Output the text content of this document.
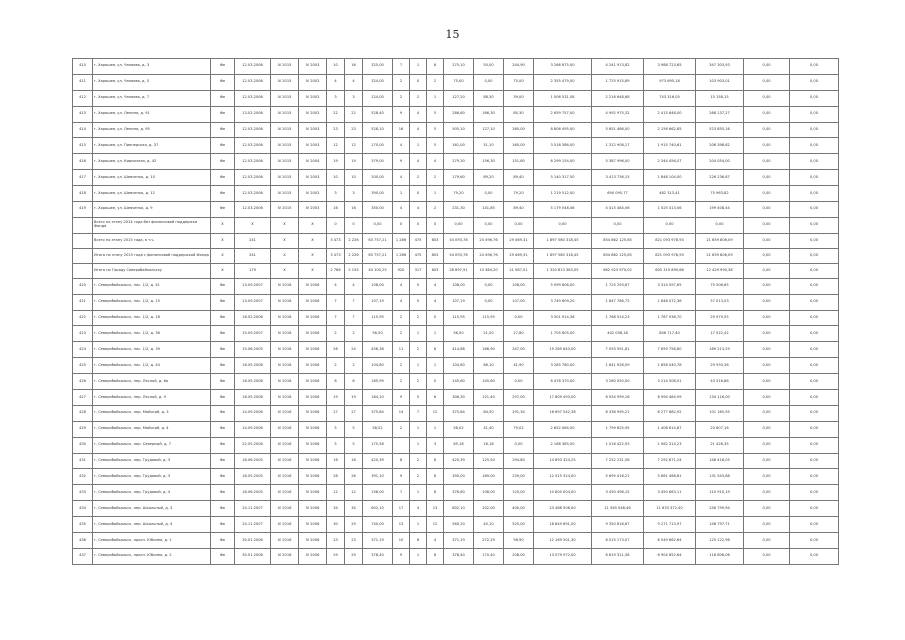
15
410	г. Хорошее, ул. Чапаева, д. 3	Фе	12.03.2006	IV 2015	IV 2003	10	16	325,00	7	1	6	275,10	50,00	244,90	3 266 875,00	4 241 913,82	3 988 723,65	347 303,93	0,00	0,00
411	г. Хорошее, ул. Чапаева, д. 5	Фе	12.03.2006	IV 2015	IV 2002	4	4	324,00	2	0	2	75,00	0,00	75,00	2 355 479,00	1 725 915,89	973 695,18	103 903,01	0,00	0,00
412	г. Хорошее, ул. Чапаева, д. 7	Фе	12.03.2006	IV 2015	IV 2002	3	3	124,00	2	2	1	127,20	88,30	39,00	1 006 531,08	2 216 648,68	743 316,05	15 158,15	0,00	0,00
413	г. Хорошее, ул. Ленина, д. 91	Фе	13.02.2006	IV 2015	IV 2002	22	22	528,40	9	4	5	286,60	166,30	80,30	2 659 757,00	4 992 975,32	2 415 648,00	268 137,27	0,00	0,00
414	г. Хорошее, ул. Ленина, д. 95	Фе	12.03.2006	IV 2015	IV 2003	23	23	528,10	16	4	5	505,10	127,10	260,00	8 806 495,00	5 651 486,00	2 156 662,85	523 855,16	0,00	0,00
415	г. Хорошее, ул. Пионерская, д. 37	Фе	12.03.2006	IV 2015	IV 2003	12	12	170,00	4	1	5	161,00	51,10	160,00	3 516 386,00	1 312 908,17	1 915 740,61	206 398,62	0,00	0,00
416	г. Хорошее, ул. Кирпичная, д. 42	Фе	12.03.2006	IV 2015	IV 2004	19	19	379,00	9	4	4	279,30	156,30	151,60	6 299 154,00	5 387 996,00	2 344 456,07	204 054,00	0,00	0,00
417	г. Хорошее, ул. Шевченко, д. 10	Фе	12.03.2006	IV 2015	IV 2003	10	10	200,00	4	2	2	179,60	89,20	89,40	5 140 317,50	3 413 736,15	1 848 104,00	226 236,67	0,00	0,00
418	г. Хорошее, ул. Шевченко, д. 12	Фе	12.03.2006	IV 2015	IV 2002	3	3	390,00	1	0	1	79,20	0,00	79,20	1 219 512,00	690 095,77	482 313,41	75 963,82	0,00	0,00
419	г. Хорошее, ул. Шевченко, д. 9	Фе	12.03.2006	IV 2015	IV 2003	16	16	350,00	4	4	2	231,30	141,85	89,40	5 179 548,46	4 415 484,06	1 525 413,06	199 408,44	0,00	0,00
	Всего по этапу 2014 года без финансовой поддержки Фонда	Х	Х	Х	Х	0	0	0,00	0	0	0	0,00	0,00	0,00	0,00	0,00	0,00	0,00	0,00	0,00
	Всего по этапу 2015 года, в т.ч.	Х	241	Х	Х	3 473	2 226	63 757,21	1 286	475	803	54 093,78	24 496,76	29 469,31	1 897 560 318,45	854 862 125,65	821 093 978,93	21 659 806,09	0,00	0,00
	Итого по этапу 2015 года с финансовой поддержкой Фонда	Х	241	Х	Х	3 473	2 226	63 757,21	1 286	475	803	54 093,78	24 496,76	29 469,31	1 897 560 318,45	854 862 125,65	821 093 978,93	21 659 806,09	0,00	0,00
	Итого по Городу Северобайкальску	Х	179	Х	Х	2 766	2 155	40 100,25	920	317	603	28 697,91	10 384,20	21 987,01	1 320 813 363,05	662 923 970,02	605 319 890,66	12 429 990,38	0,00	0,00
420	г. Северобайкальск, пос. 1/2, д. 41	Фе	13.09.2007	IV 2016	IV 2006	4	4	108,00	4	0	4	108,00	0,00	108,00	5 099 808,00	1 725 293,67	3 314 097,65	75 506,65	0,00	0,00
421	г. Северобайкальск, пос. 1/2, д. 15	Фе	13.09.2007	IV 2016	IV 2006	7	7	107,19	4	0	4	107,19	0,00	107,00	3 749 609,20	1 847 786,72	1 848 072,38	57 013,03	0,00	0,00
422	г. Северобайкальск, пос. 1/2, д. 18	Фе	16.02.2006	IV 2016	IV 2006	7	7	115,95	2	2	0	115,95	115,95	0,00	3 501 914,36	1 768 914,23	1 767 938,70	25 979,55	0,00	0,00
423	г. Северобайкальск, пос. 1/2, д. 36	Фе	15.09.2007	IV 2016	IV 2006	2	2	56,50	2	1	1	56,50	21,50	27,80	1 705 605,00	442 038,18	846 717,40	17 522,42	0,00	0,00
424	г. Северобайкальск, пос. 1/2, д. 39	Фе	15.06.2005	IV 2016	IV 2006	26	24	456,36	11	2	8	414,88	166,90	247,00	19 285 643,00	7 093 591,81	7 659 756,80	189 213,29	0,00	0,00
425	г. Северобайкальск, пос. 1/2, д. 44	Фе	16.05.2008	IV 2016	IV 2006	2	2	104,80	2	1	1	104,80	66,10	41,90	3 285 780,00	1 641 926,09	1 658 040,78	29 593,36	0,00	0,00
426	г. Северобайкальск, пер. Лесной, д. 6а	Фе	16.05.2008	IV 2016	IV 2006	8	6	185,99	2	2	0	145,60	145,60	0,00	6 476 370,00	3 260 050,00	3 214 508,01	43 316,86	0,00	0,00
427	г. Северобайкальск, пер. Лесной, д. 9	Фе	16.05.2008	IV 2016	IV 2006	19	19	184,10	9	5	6	306,30	121,40	297,00	17 809 493,00	6 934 999,16	6 994 484,99	134 116,00	0,00	0,00
428	г. Северобайкальск, пер. Майский, д. 3	Фе	14.09.2006	IV 2016	IV 2006	27	27	375,84	14	7	12	375,84	84,50	291,34	16 697 542,38	8 336 995,21	8 277 882,92	101 165,95	0,00	0,00
429	г. Северобайкальск, пер. Майский, д. 4	Фе	14.09.2006	IV 2016	IV 2006	5	5	58,02	2	1	1	58,02	41,40	79,02	2 652 064,00	1 799 825,95	1 408 614,87	20 607,16	0,00	0,00
430	г. Северобайкальск, пер. Северный, д. 7	Фе	22.05.2008	IV 2016	IV 2006	5	5	175,58		1	3	65,18	16,18	0,00	2 168 385,00	1 016 422,93	1 062 314,23	21 426,35	0,00	0,00
431	г. Северобайкальск, пер. Трудовой, д. 3	Фе	16.06.2005	IV 2016	IV 2006	16	16	420,39	8	2	6	420,39	125,50	294,80	14 893 324,25	7 252 231,56	7 292 671,24	148 416,05	0,00	0,00
432	г. Северобайкальск, пер. Трудовой, д. 3	Фе	16.05.2005	IV 2016	IV 2006	26	26	391,10	9	2	6	390,00	169,00	239,00	12 015 324,00	5 695 416,21	5 861 468,81	131 543,68	0,00	0,00
433	г. Северобайкальск, пер. Трудовой, д. 4	Фе	16.06.2005	IV 2016	IV 2006	12	12	158,00	7	1	8	376,60	108,00	120,00	10 800 004,00	3 450 498,15	3 450 663,11	110 910,19	0,00	0,00
434	г. Северобайкальск, пер. Школьный, д. 3	Фе	24.11.2007	IV 2016	IV 2006	34	34	602,10	17	4	13	602,10	202,00	400,00	23 488 506,00	11 565 948,46	11 633 372,40	256 799,94	0,00	0,00
435	г. Северобайкальск, пер. Школьный, д. 4	Фе	24.11.2007	IV 2016	IV 2006	30	29	740,00	13	1	12	560,20	40,10	520,00	18 845 691,00	9 350 816,67	9 271 713,97	148 797,71	0,00	0,00
436	г. Северобайкальск, просп. Юбилея, д. 1	Фе	30.01.2006	IV 2016	IV 2006	23	23	371,19	10	6	4	371,19	272,29	98,90	12 169 501,30	6 015 173,07	6 049 662,64	125 122,96	0,00	0,00
437	г. Северобайкальск, просп. Юбилея, д. 2	Фе	30.01.2006	IV 2016	IV 2006	29	29	378,40	9	1	8	378,40	170,40	208,00	13 579 972,00	6 619 311,36	6 904 852,64	118 808,06	0,00	0,00
